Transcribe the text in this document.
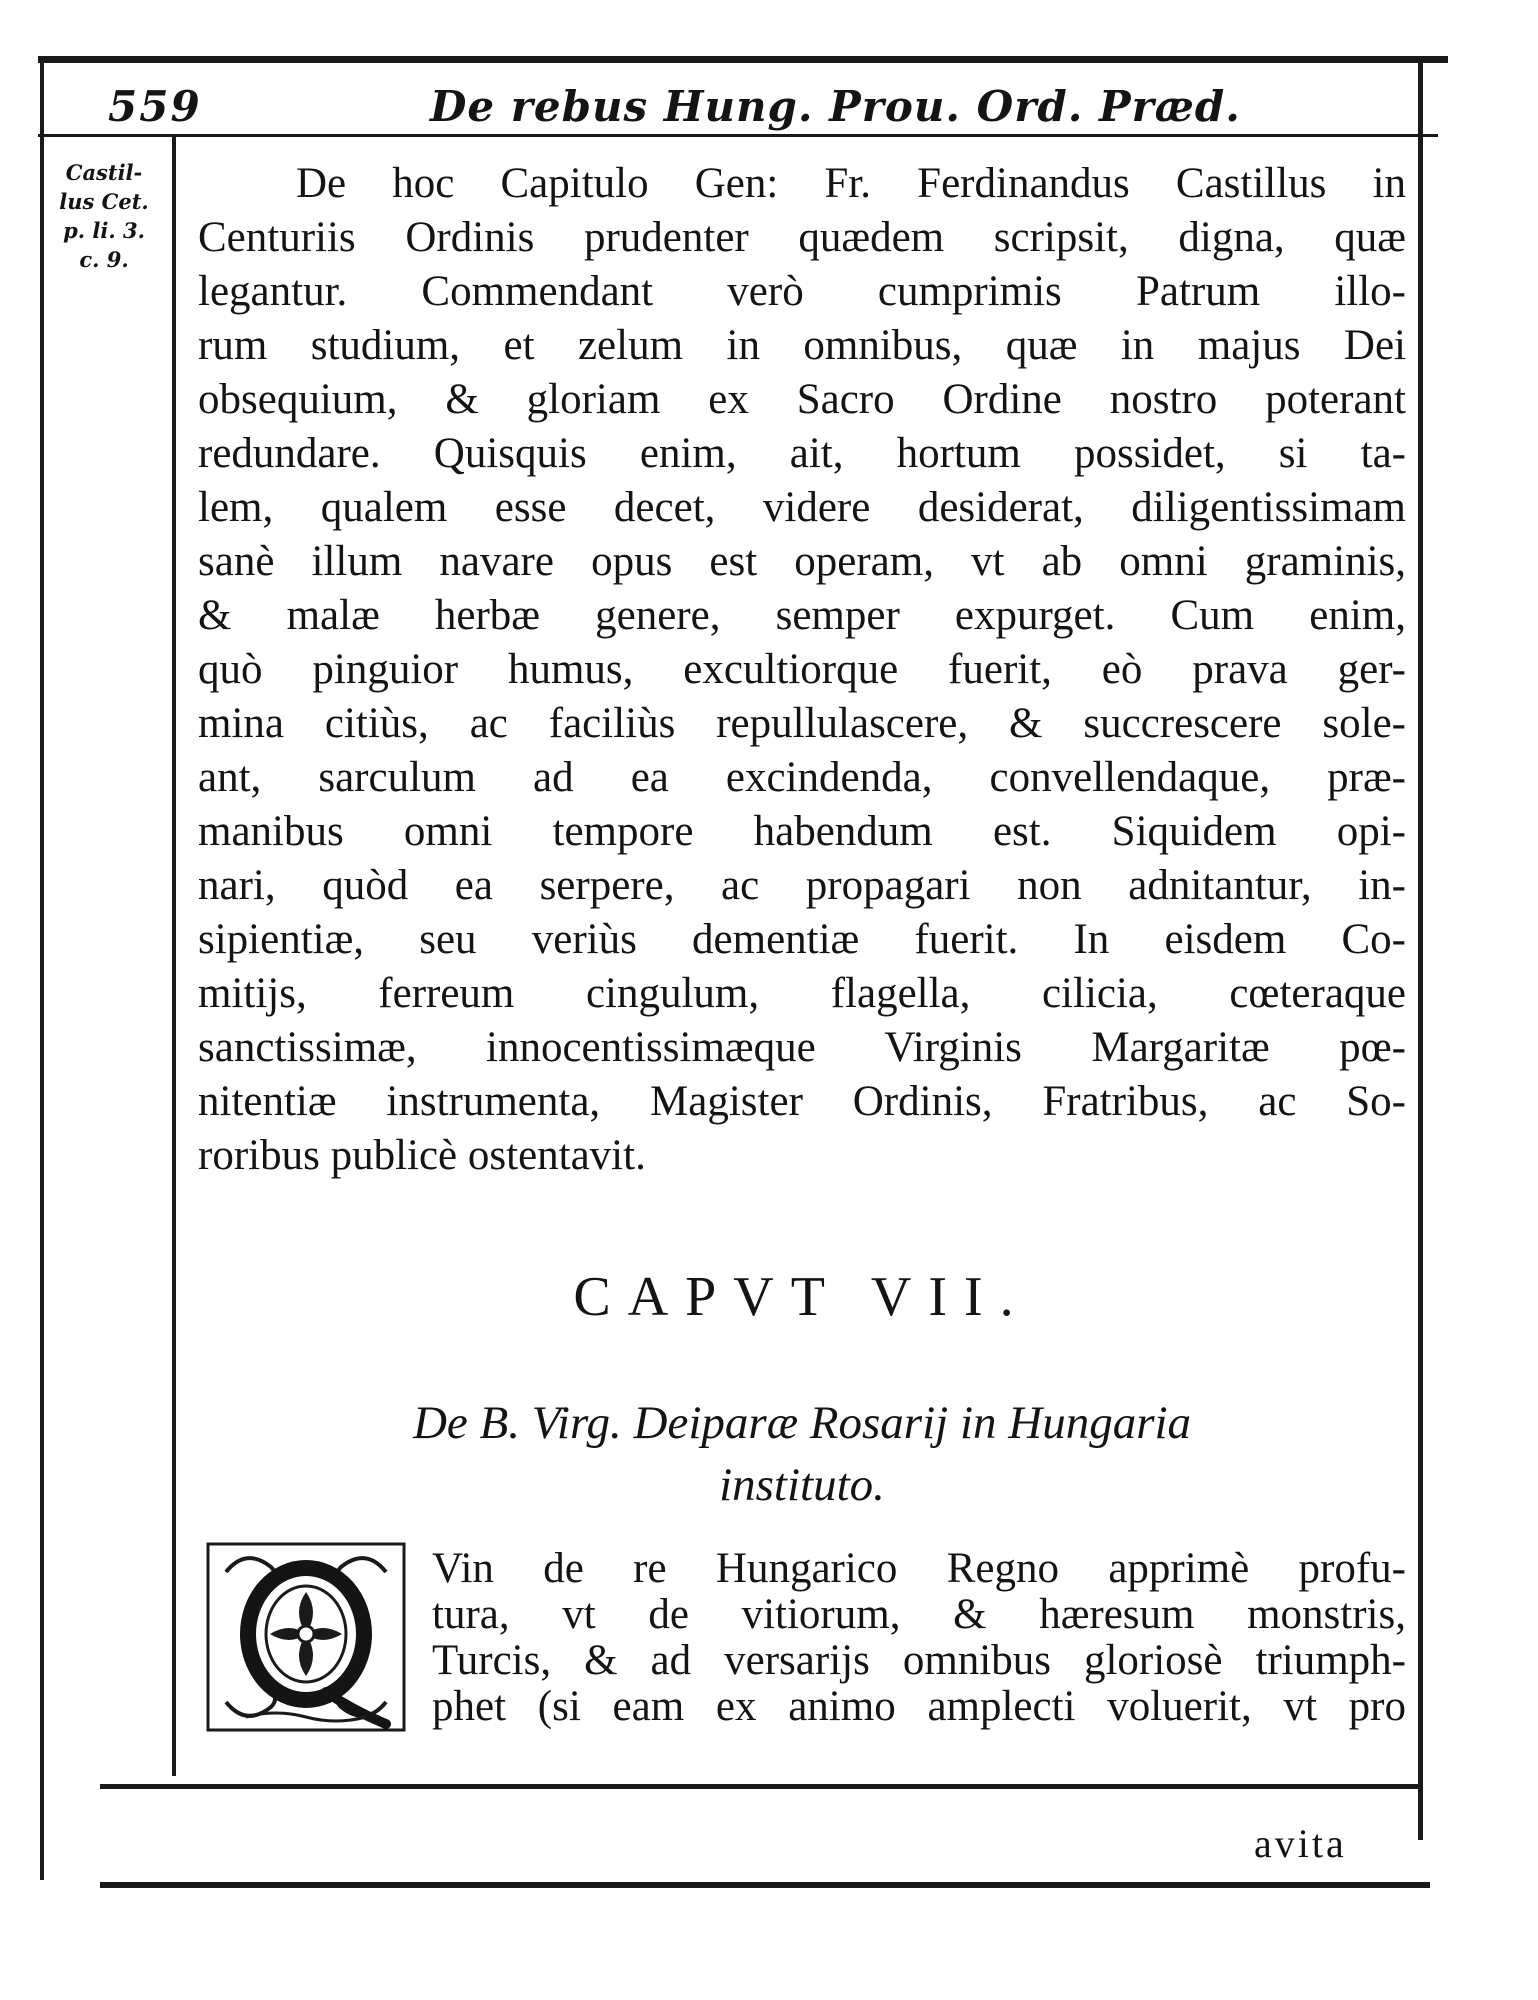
559	De rebus Hung. Prou. Ord. Præd.
Castil-
lus Cet.
p. li. 3.
c. 9.
De hoc Capitulo Gen: Fr. Ferdinandus Castillus in
Centuriis Ordinis prudenter quædem scripsit, digna, quæ
legantur. Commendant verò cumprimis Patrum illo-
rum studium, et zelum in omnibus, quæ in majus Dei
obsequium, & gloriam ex Sacro Ordine nostro poterant
redundare. Quisquis enim, ait, hortum possidet, si ta-
lem, qualem esse decet, videre desiderat, diligentissimam
sanè illum navare opus est operam, vt ab omni graminis,
& malæ herbæ genere, semper expurget. Cum enim,
quò pinguior humus, excultiorque fuerit, eò prava ger-
mina citiùs, ac faciliùs repullulascere, & succrescere sole-
ant, sarculum ad ea excindenda, convellendaque, præ-
manibus omni tempore habendum est. Siquidem opi-
nari, quòd ea serpere, ac propagari non adnitantur, in-
sipientiæ, seu veriùs dementiæ fuerit. In eisdem Co-
mitijs, ferreum cingulum, flagella, cilicia, cœteraque
sanctissimæ, innocentissimæque Virginis Margaritæ pœ-
nitentiæ instrumenta, Magister Ordinis, Fratribus, ac So-
roribus publicè ostentavit.
CAPVT VII.
De B. Virg. Deiparæ Rosarij in Hungaria
instituto.
Vin de re Hungarico Regno apprimè profu-
tura, vt de vitiorum, & hæresum monstris,
Turcis, & ad versarijs omnibus gloriosè triumph-
phet (si eam ex animo amplecti voluerit, vt pro
avita
